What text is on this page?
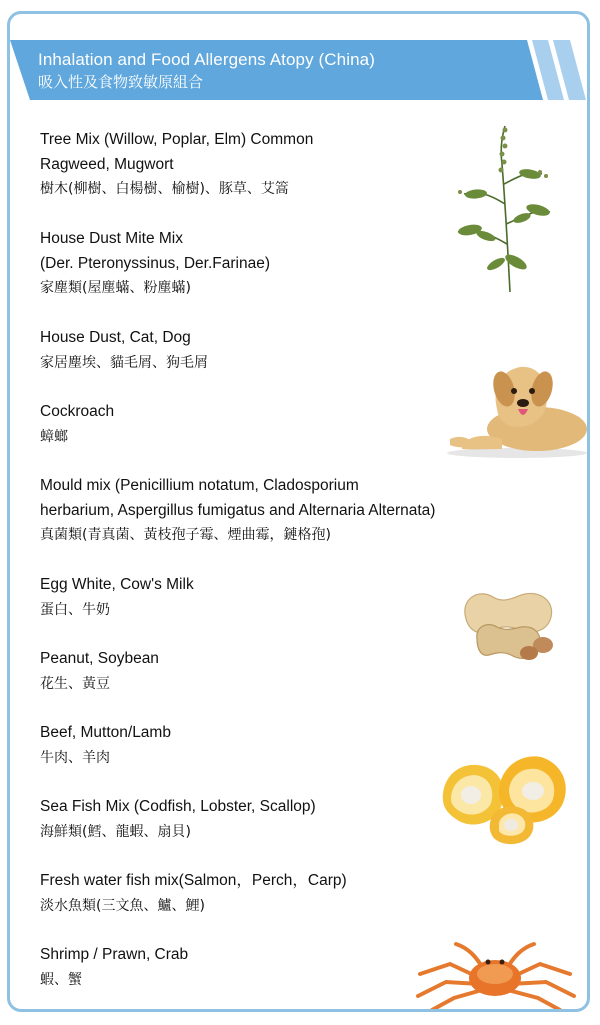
Inhalation and Food Allergens Atopy (China)
吸入性及食物致敏原組合
Tree Mix (Willow, Poplar, Elm) Common
Ragweed, Mugwort
樹木(柳樹、白楊樹、榆樹)、豚草、艾篙
House Dust Mite Mix
(Der. Pteronyssinus, Der.Farinae)
家塵類(屋塵蟎、粉塵蟎)
House Dust, Cat, Dog
家居塵埃、貓毛屑、狗毛屑
Cockroach
蟑螂
Mould mix (Penicillium notatum, Cladosporium
herbarium, Aspergillus fumigatus and Alternaria Alternata)
真菌類(青真菌、黃枝孢子霉、煙曲霉，鏈格孢)
Egg White, Cow's Milk
蛋白、牛奶
Peanut, Soybean
花生、黃豆
Beef, Mutton/Lamb
牛肉、羊肉
Sea Fish Mix (Codfish, Lobster, Scallop)
海鮮類(鱈、龍蝦、扇貝)
Fresh water fish mix(Salmon，Perch，Carp)
淡水魚類(三文魚、鱸、鯉)
Shrimp / Prawn, Crab
蝦、蟹
